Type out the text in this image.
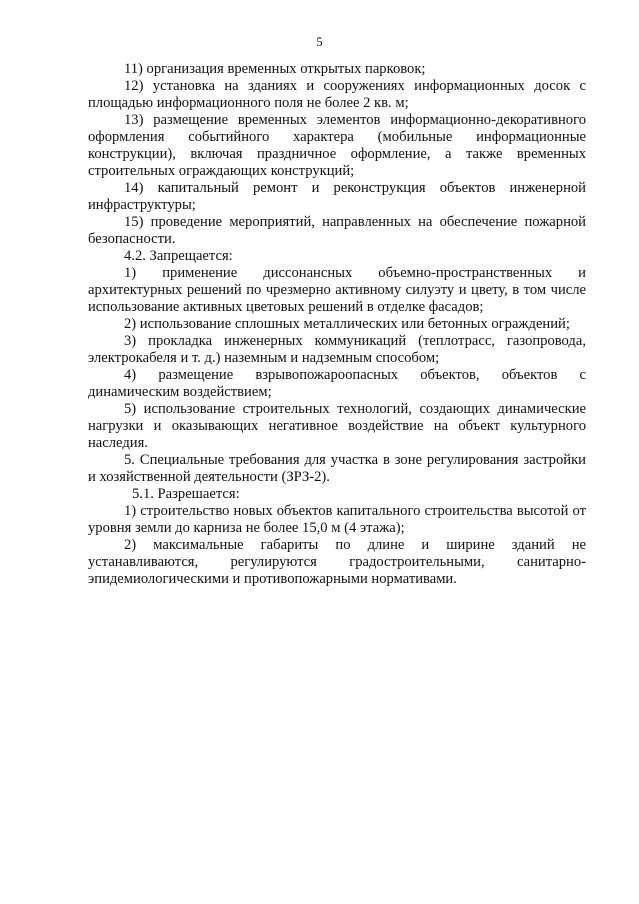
5

11) организация временных открытых парковок;

12) установка на зданиях и сооружениях информационных досок с площадью информационного поля не более 2 кв. м;

13) размещение временных элементов информационно-декоративного оформления событийного характера (мобильные информационные конструкции), включая праздничное оформление, а также временных строительных ограждающих конструкций;

14) капитальный ремонт и реконструкция объектов инженерной инфраструктуры;

15) проведение мероприятий, направленных на обеспечение пожарной безопасности.

4.2. Запрещается:

1) применение диссонансных объемно-пространственных и архитектурных решений по чрезмерно активному силуэту и цвету, в том числе использование активных цветовых решений в отделке фасадов;

2) использование сплошных металлических или бетонных ограждений;

3) прокладка инженерных коммуникаций (теплотрасс, газопровода, электрокабеля и т. д.) наземным и надземным способом;

4) размещение взрывопожароопасных объектов, объектов с динамическим воздействием;

5) использование строительных технологий, создающих динамические нагрузки и оказывающих негативное воздействие на объект культурного наследия.

5. Специальные требования для участка в зоне регулирования застройки и хозяйственной деятельности (ЗРЗ-2).

5.1. Разрешается:

1) строительство новых объектов капитального строительства высотой от уровня земли до карниза не более 15,0 м (4 этажа);

2) максимальные габариты по длине и ширине зданий не устанавливаются, регулируются градостроительными, санитарно-эпидемиологическими и противопожарными нормативами.
